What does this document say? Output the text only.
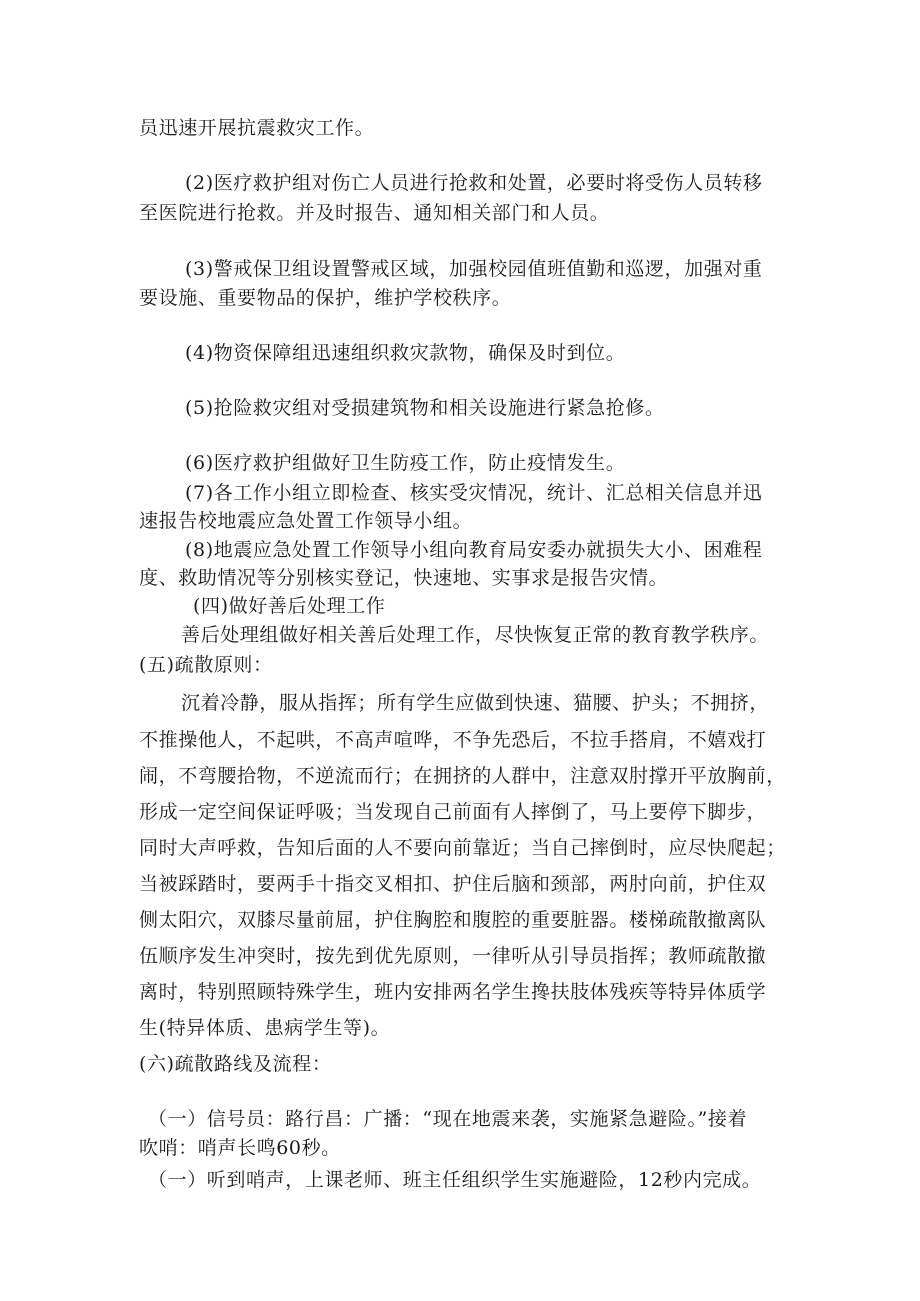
员迅速开展抗震救灾工作。
(2)医疗救护组对伤亡人员进行抢救和处置，必要时将受伤人员转移
至医院进行抢救。并及时报告、通知相关部门和人员。
(3)警戒保卫组设置警戒区域，加强校园值班值勤和巡逻，加强对重
要设施、重要物品的保护，维护学校秩序。
(4)物资保障组迅速组织救灾款物，确保及时到位。
(5)抢险救灾组对受损建筑物和相关设施进行紧急抢修。
(6)医疗救护组做好卫生防疫工作，防止疫情发生。
(7)各工作小组立即检查、核实受灾情况，统计、汇总相关信息并迅
速报告校地震应急处置工作领导小组。
(8)地震应急处置工作领导小组向教育局安委办就损失大小、困难程
度、救助情况等分别核实登记，快速地、实事求是报告灾情。
(四)做好善后处理工作
善后处理组做好相关善后处理工作，尽快恢复正常的教育教学秩序。
(五)疏散原则：
沉着冷静，服从指挥；所有学生应做到快速、猫腰、护头；不拥挤，
不推操他人，不起哄，不高声喧哗，不争先恐后，不拉手搭肩，不嬉戏打
闹，不弯腰拾物，不逆流而行；在拥挤的人群中，注意双肘撑开平放胸前，
形成一定空间保证呼吸；当发现自己前面有人摔倒了，马上要停下脚步，
同时大声呼救，告知后面的人不要向前靠近；当自己摔倒时，应尽快爬起；
当被踩踏时，要两手十指交叉相扣、护住后脑和颈部，两肘向前，护住双
侧太阳穴，双膝尽量前屈，护住胸腔和腹腔的重要脏器。楼梯疏散撤离队
伍顺序发生冲突时，按先到优先原则，一律听从引导员指挥；教师疏散撤
离时，特别照顾特殊学生，班内安排两名学生搀扶肢体残疾等特异体质学
生(特异体质、患病学生等)。
(六)疏散路线及流程：
（一）信号员：路行昌：广播：“现在地震来袭，实施紧急避险。”接着
吹哨：哨声长鸣60秒。
（一）听到哨声，上课老师、班主任组织学生实施避险，12秒内完成。
